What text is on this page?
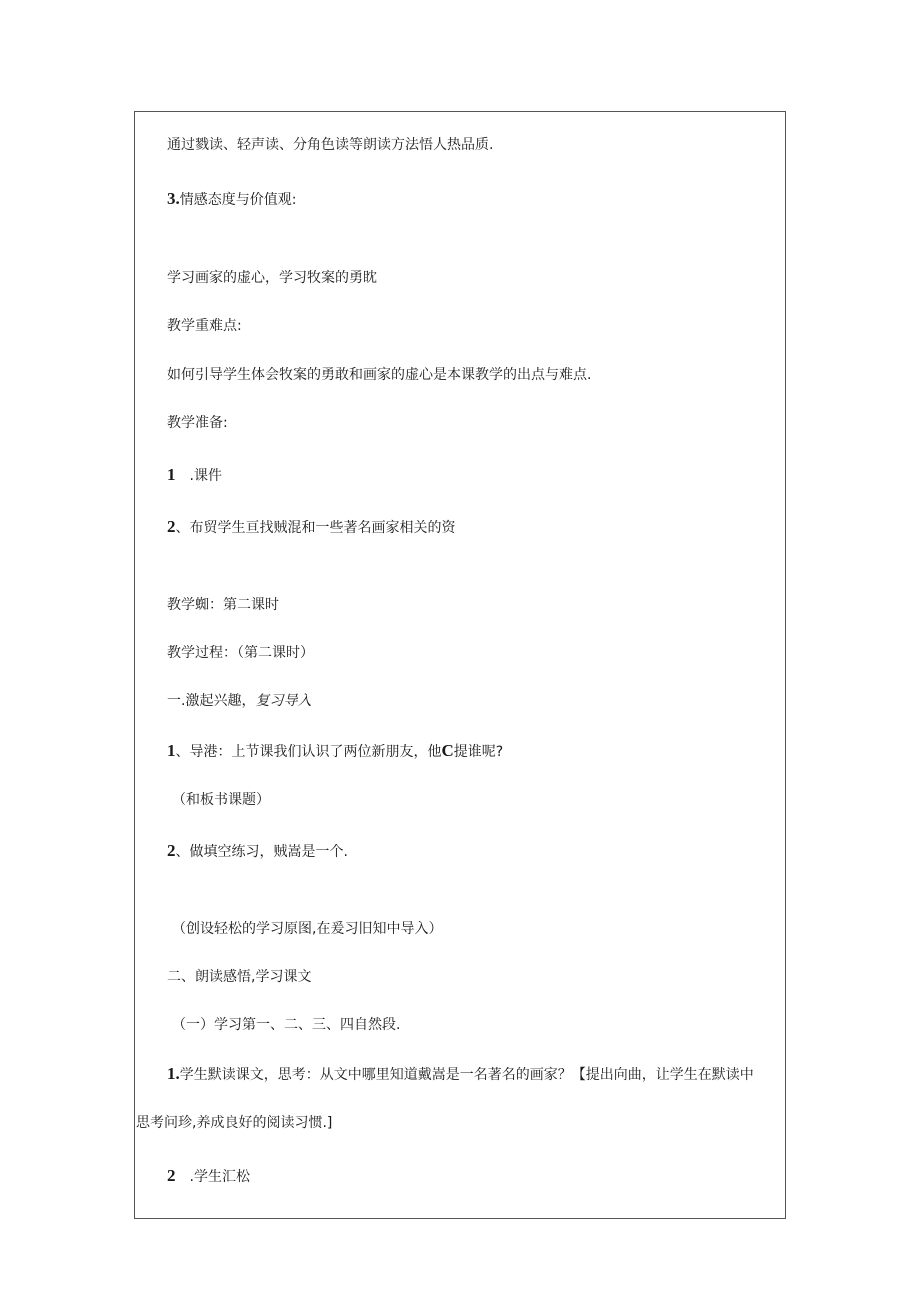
通过戮读、轻声读、分角色读等朗读方法悟人热品质.
3.情感态度与价值观:
学习画家的虚心，学习牧案的勇眈
教学重难点:
如何引导学生体会牧案的勇敢和画家的虚心是本课教学的出点与难点.
教学准备:
1 .课件
2、布贸学生亘找贼混和一些著名画家相关的资
教学蜘：第二课时
教学过程：（第二课时）
一.激起兴趣，复习导入
1、导港：上节课我们认识了两位新朋友，他C提谁呢?
（和板书课题）
2、做填空练习，贼嵩是一个.
（创设轻松的学习原图,在爰习旧知中导入）
二、朗读感悟,学习课文
（一）学习第一、二、三、四自然段.
1.学生默读课文，思考：从文中哪里知道戴嵩是一名著名的画家？【提出向曲，让学生在默读中
思考问珍,养成良好的阅读习惯.]
2 .学生汇松
